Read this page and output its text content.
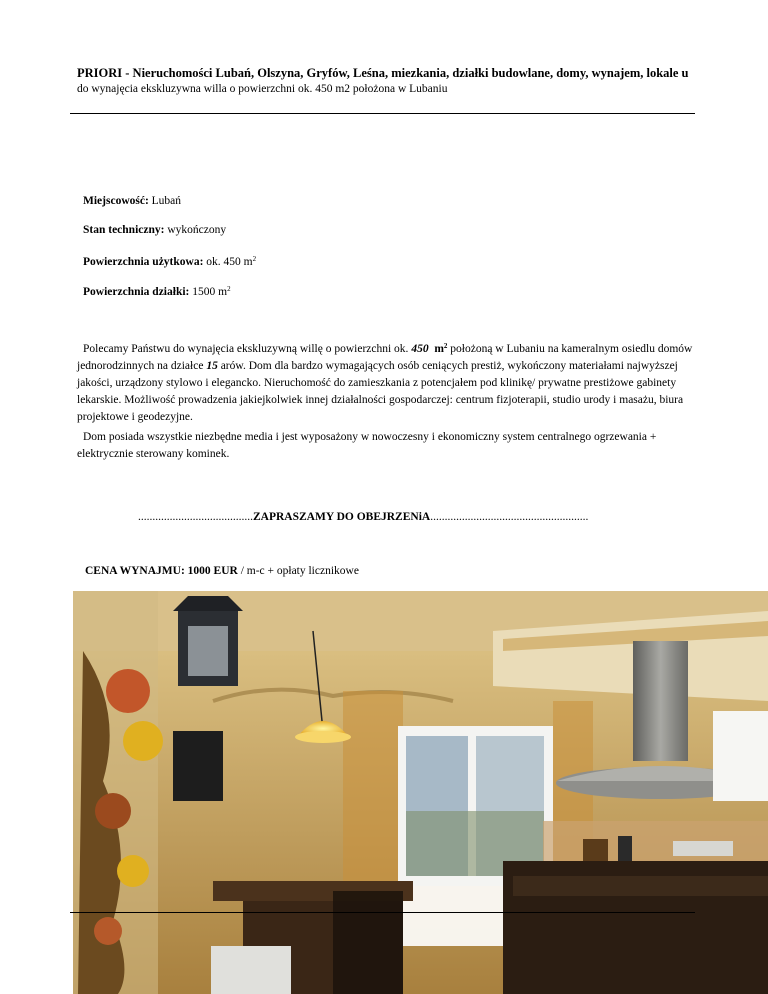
PRIORI - Nieruchomości Lubań, Olszyna, Gryfów, Leśna, miezkania, działki budowlane, domy, wynajem, lokale u
do wynajęcia ekskluzywna willa o powierzchni ok. 450 m2 położona w Lubaniu
Miejscowość: Lubań
Stan techniczny: wykończony
Powierzchnia użytkowa: ok. 450 $m^2$
Powierzchnia działki: 1500 $m^2$
Polecamy Państwu do wynajęcia ekskluzywną willę o powierzchni ok. 450 $m^2$ położoną w Lubaniu na kameralnym osiedlu domów jednorodzinnych na działce 15 arów. Dom dla bardzo wymagających osób ceniących prestiż, wykończony materiałami najwyższej jakości, urządzony stylowo i elegancko. Nieruchomość do zamieszkania z potencjałem pod klinikę/ prywatne prestiżowe gabinety lekarskie. Możliwość prowadzenia jakiejkolwiek innej działalności gospodarczej: centrum fizjoterapii, studio urody i masażu, biura projektowe i geodezyjne.
Dom posiada wszystkie niezbędne media i jest wyposażony w nowoczesny i ekonomiczny system centralnego ogrzewania + elektrycznie sterowany kominek.
........................................ZAPRASZAMY DO OBEJRZENiA.......................................................
CENA WYNAJMU: 1000 EUR / m-c + opłaty licznikowe
